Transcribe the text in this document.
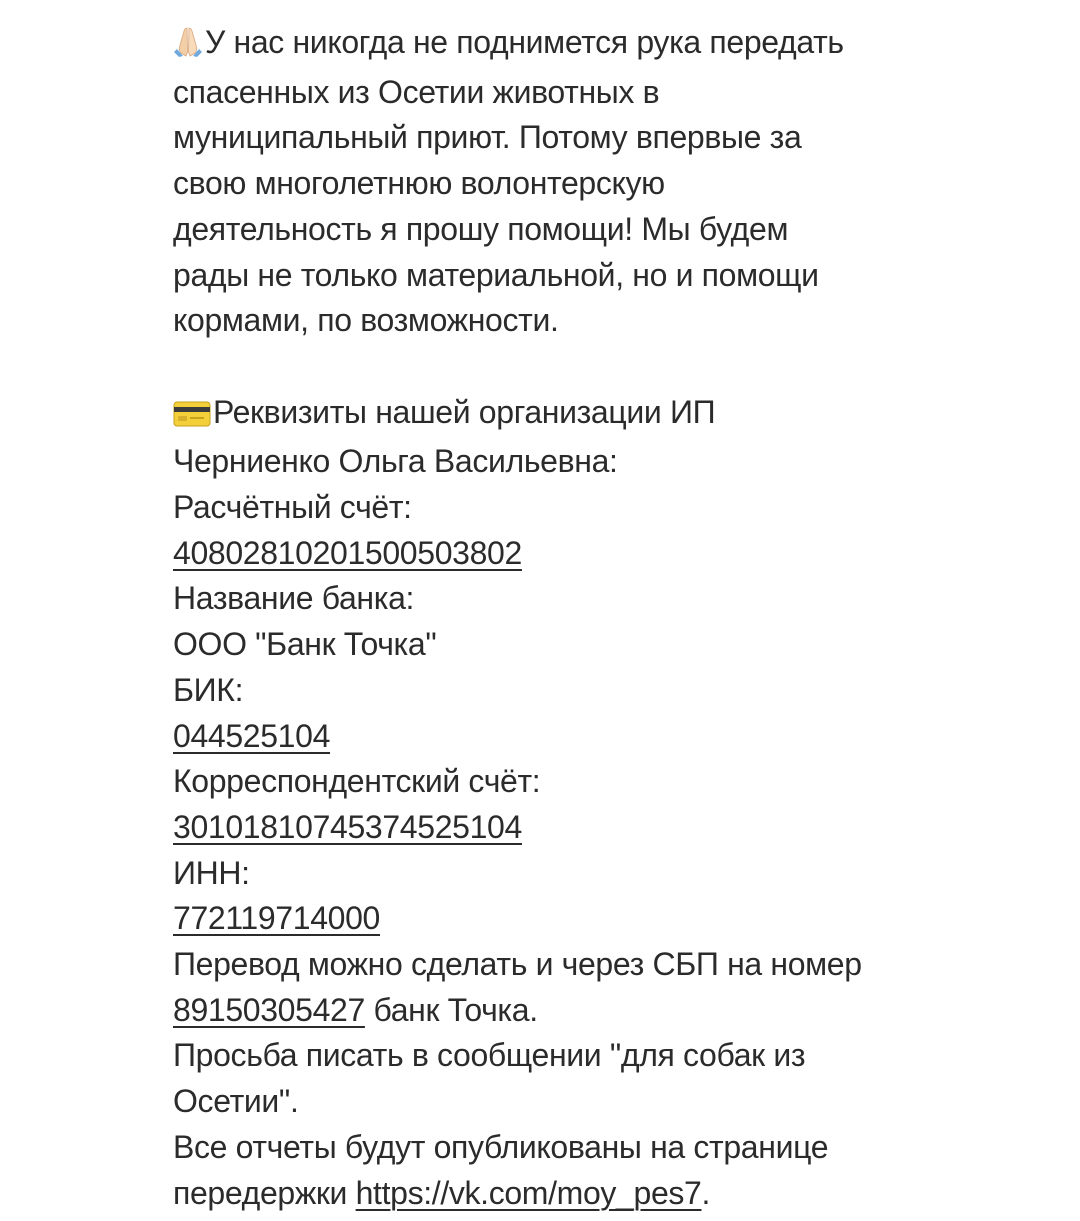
У нас никогда не поднимется рука передать
спасенных из Осетии животных в
муниципальный приют. Потому впервые за
свою многолетнюю волонтерскую
деятельность я прошу помощи! Мы будем
рады не только материальной, но и помощи
кормами, по возможности.
Реквизиты нашей организации ИП
Черниенко Ольга Васильевна:
Расчётный счёт:
40802810201500503802
Название банка:
ООО "Банк Точка"
БИК:
044525104
Корреспондентский счёт:
30101810745374525104
ИНН:
772119714000
Перевод можно сделать и через СБП на номер
89150305427 банк Точка.
Просьба писать в сообщении "для собак из
Осетии".
Все отчеты будут опубликованы на странице
передержки https://vk.com/moy_pes7.
